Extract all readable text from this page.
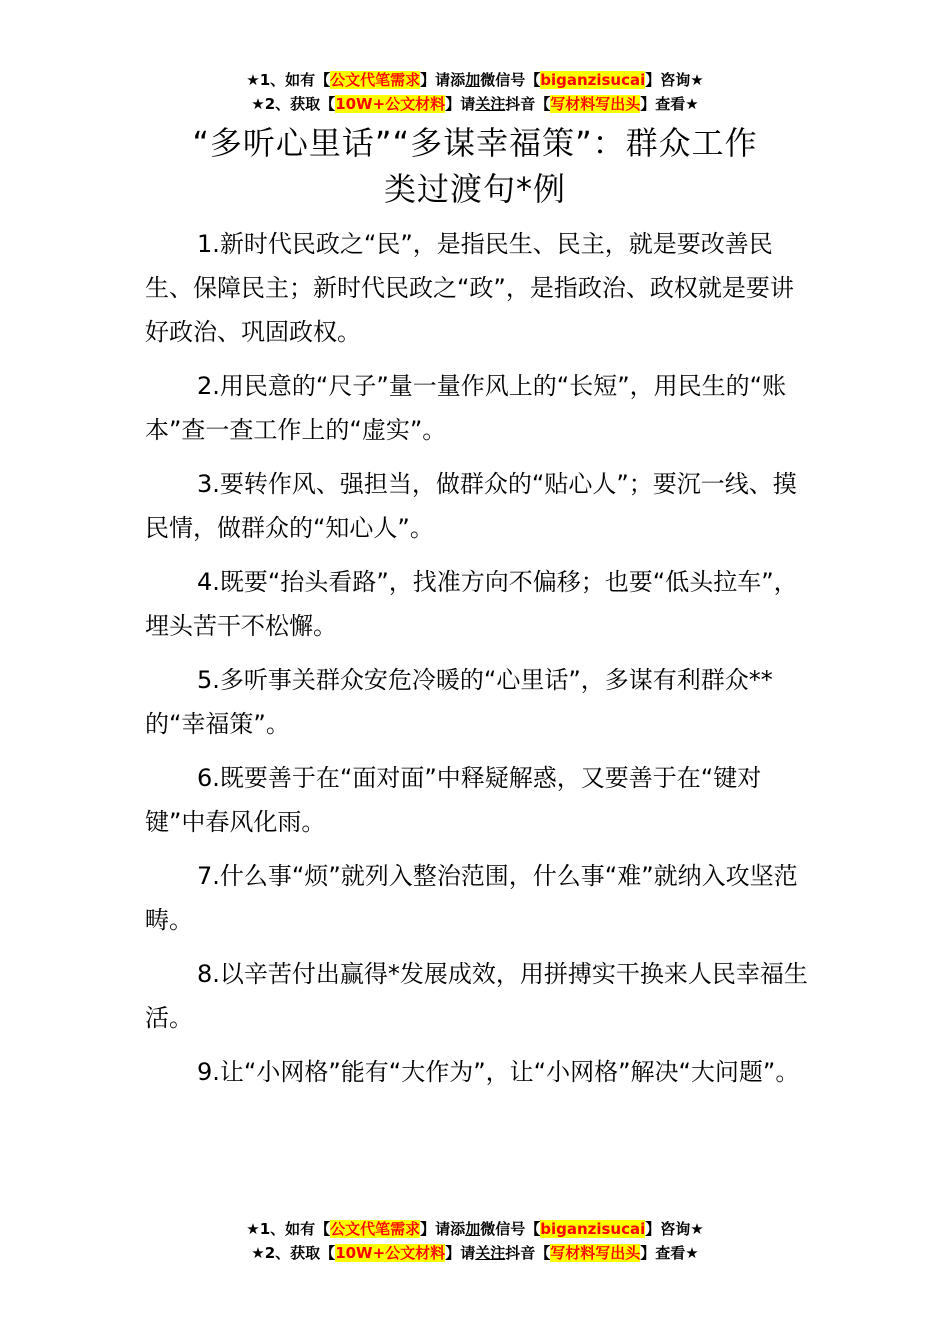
★1、如有【公文代笔需求】请添加微信号【biganzisucai】咨询★
★2、获取【10W+公文材料】请关注抖音【写材料写出头】查看★
“多听心里话”“多谋幸福策”：群众工作
类过渡句*例

1.新时代民政之“民”，是指民生、民主，就是要改善民生、保障民主；新时代民政之“政”，是指政治、政权就是要讲好政治、巩固政权。

2.用民意的“尺子”量一量作风上的“长短”，用民生的“账本”查一查工作上的“虚实”。

3.要转作风、强担当，做群众的“贴心人”；要沉一线、摸民情，做群众的“知心人”。

4.既要“抬头看路”，找准方向不偏移；也要“低头拉车”，埋头苦干不松懈。

5.多听事关群众安危冷暖的“心里话”，多谋有利群众**的“幸福策”。

6.既要善于在“面对面”中释疑解惑，又要善于在“键对键”中春风化雨。

7.什么事“烦”就列入整治范围，什么事“难”就纳入攻坚范畴。

8.以辛苦付出赢得*发展成效，用拼搏实干换来人民幸福生活。

9.让“小网格”能有“大作为”，让“小网格”解决“大问题”。

★1、如有【公文代笔需求】请添加微信号【biganzisucai】咨询★
★2、获取【10W+公文材料】请关注抖音【写材料写出头】查看★
